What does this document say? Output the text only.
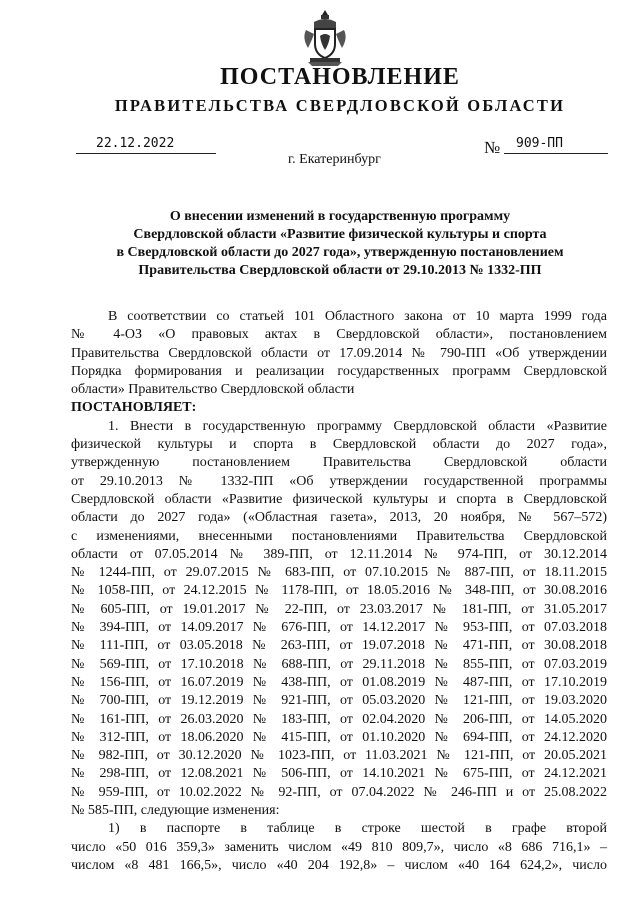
ПОСТАНОВЛЕНИЕ
ПРАВИТЕЛЬСТВА СВЕРДЛОВСКОЙ ОБЛАСТИ
22.12.2022	№	909-ПП
г. Екатеринбург
О внесении изменений в государственную программу
Свердловской области «Развитие физической культуры и спорта
в Свердловской области до 2027 года», утвержденную постановлением
Правительства Свердловской области от 29.10.2013 № 1332-ПП

В соответствии со статьей 101 Областного закона от 10 марта 1999 года

№ 4-ОЗ «О правовых актах в Свердловской области», постановлением

Правительства Свердловской области от 17.09.2014 № 790-ПП «Об утверждении

Порядка формирования и реализации государственных программ Свердловской

области» Правительство Свердловской области

ПОСТАНОВЛЯЕТ:

1. Внести в государственную программу Свердловской области «Развитие

физической культуры и спорта в Свердловской области до 2027 года»,

утвержденную постановлением Правительства Свердловской области

от 29.10.2013 № 1332-ПП «Об утверждении государственной программы

Свердловской области «Развитие физической культуры и спорта в Свердловской

области до 2027 года» («Областная газета», 2013, 20 ноября, № 567–572)

с изменениями, внесенными постановлениями Правительства Свердловской

области от 07.05.2014 № 389-ПП, от 12.11.2014 № 974-ПП, от 30.12.2014

№ 1244-ПП, от 29.07.2015 № 683-ПП, от 07.10.2015 № 887-ПП, от 18.11.2015

№ 1058-ПП, от 24.12.2015 № 1178-ПП, от 18.05.2016 № 348-ПП, от 30.08.2016

№ 605-ПП, от 19.01.2017 № 22-ПП, от 23.03.2017 № 181-ПП, от 31.05.2017

№ 394-ПП, от 14.09.2017 № 676-ПП, от 14.12.2017 № 953-ПП, от 07.03.2018

№ 111-ПП, от 03.05.2018 № 263-ПП, от 19.07.2018 № 471-ПП, от 30.08.2018

№ 569-ПП, от 17.10.2018 № 688-ПП, от 29.11.2018 № 855-ПП, от 07.03.2019

№ 156-ПП, от 16.07.2019 № 438-ПП, от 01.08.2019 № 487-ПП, от 17.10.2019

№ 700-ПП, от 19.12.2019 № 921-ПП, от 05.03.2020 № 121-ПП, от 19.03.2020

№ 161-ПП, от 26.03.2020 № 183-ПП, от 02.04.2020 № 206-ПП, от 14.05.2020

№ 312-ПП, от 18.06.2020 № 415-ПП, от 01.10.2020 № 694-ПП, от 24.12.2020

№ 982-ПП, от 30.12.2020 № 1023-ПП, от 11.03.2021 № 121-ПП, от 20.05.2021

№ 298-ПП, от 12.08.2021 № 506-ПП, от 14.10.2021 № 675-ПП, от 24.12.2021

№ 959-ПП, от 10.02.2022 № 92-ПП, от 07.04.2022 № 246-ПП и от 25.08.2022

№ 585-ПП, следующие изменения:

1) в паспорте в таблице в строке шестой в графе второй

число «50 016 359,3» заменить числом «49 810 809,7», число «8 686 716,1» –

числом «8 481 166,5», число «40 204 192,8» – числом «40 164 624,2», число
